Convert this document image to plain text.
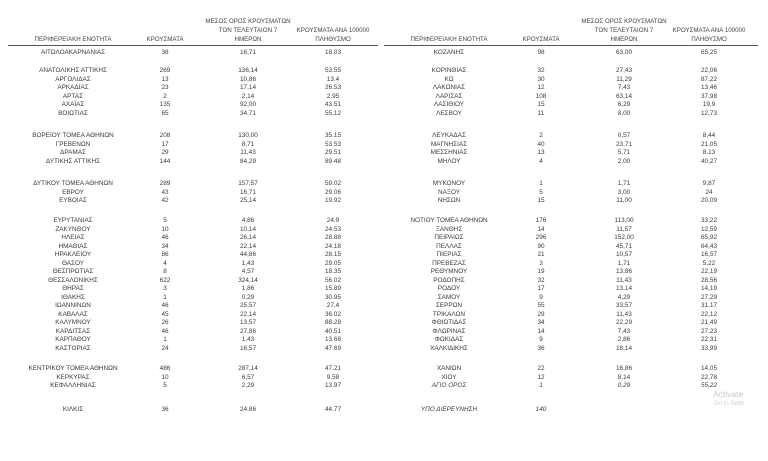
ΠΕΡΙΦΕΡΕΙΑΚΗ ΕΝΟΤΗΤΑ	ΚΡΟΥΣΜΑΤΑ
ΜΕΣΟΣ ΟΡΟΣ ΚΡΟΥΣΜΑΤΩΝ
ΤΟΝ ΤΕΛΕΥΤΑΙΟΝ 7
ΗΜΕΡΩΝ
ΚΡΟΥΣΜΑΤΑ ΑΝΑ 100000
ΠΛΗΘΥΣΜΟ
ΑΙΤΩΛΟΑΚΑΡΝΑΝΙΑΣ	38	16,71	18.03
ΑΝΑΤΟΛΙΚΗΣ ΑΤΤΙΚΗΣ	269	136,14	53.55
ΑΡΓΟΛΙΔΑΣ	13	10,86	13.4
ΑΡΚΑΔΙΑΣ	23	17,14	26.53
ΑΡΤΑΣ	2	2,14	2.95
ΑΧΑΪΑΣ	135	92,00	43.51
ΒΟΙΩΤΙΑΣ	65	34,71	55.12
ΒΟΡΕΙΟΥ ΤΟΜΕΑ ΑΘΗΝΩΝ	208	130,00	35.15
ΓΡΕΒΕΝΩΝ	17	8,71	53.53
ΔΡΑΜΑΣ	29	11,43	29.51
ΔΥΤΙΚΗΣ ΑΤΤΙΚΗΣ	144	84,29	89.48
ΔΥΤΙΚΟΥ ΤΟΜΕΑ ΑΘΗΝΩΝ	289	157,57	59.02
ΕΒΡΟΥ	43	16,71	29.06
ΕΥΒΟΙΑΣ	42	25,14	19.92
ΕΥΡΥΤΑΝΙΑΣ	5	4,86	24.9
ΖΑΚΥΝΘΟΥ	10	10,14	24.53
ΗΛΕΙΑΣ	46	26,14	28.88
ΗΜΑΘΙΑΣ	34	22,14	24.18
ΗΡΑΚΛΕΙΟΥ	86	44,86	28.15
ΘΑΣΟΥ	4	1,43	29.05
ΘΕΣΠΡΩΤΙΑΣ	8	4,57	18.35
ΘΕΣΣΑΛΟΝΙΚΗΣ	622	324,14	56.02
ΘΗΡΑΣ	3	1,86	15.89
ΙΘΑΚΗΣ	1	0,29	30.95
ΙΩΑΝΝΙΝΩΝ	46	25,57	27,4
ΚΑΒΑΛΑΣ	45	22,14	36.02
ΚΑΛΥΜΝΟΥ	26	13,57	88.28
ΚΑΡΔΙΤΣΑΣ	46	27,86	40.51
ΚΑΡΠΑΘΟΥ	1	1,43	13.68
ΚΑΣΤΟΡΙΑΣ	24	16,57	47.69
ΚΕΝΤΡΙΚΟΥ ΤΟΜΕΑ ΑΘΗΝΩΝ	486	287,14	47.21
ΚΕΡΚΥΡΑΣ	10	6,57	9.58
ΚΕΦΑΛΛΗΝΙΑΣ	5	2,29	13.97
ΚΙΛΚΙΣ	36	24.86	44.77
ΠΕΡΙΦΕΡΕΙΑΚΗ ΕΝΟΤΗΤΑ	ΚΡΟΥΣΜΑΤΑ
ΜΕΣΟΣ ΟΡΟΣ ΚΡΟΥΣΜΑΤΩΝ
ΤΟΝ ΤΕΛΕΥΤΑΙΟΝ 7
ΗΜΕΡΩΝ
ΚΡΟΥΣΜΑΤΑ ΑΝΑ 100000
ΠΛΗΘΥΣΜΟ
ΚΟΖΑΝΗΣ	98	63,00	65,25
ΚΟΡΙΝΘΙΑΣ	32	27,43	22,06
ΚΩ	30	11,29	87,22
ΛΑΚΩΝΙΑΣ	12	7,43	13,46
ΛΑΡΙΣΑΣ	108	63,14	37,98
ΛΑΣΙΘΙΟΥ	15	6,29	19,9
ΛΕΣΒΟΥ	11	8,00	12,73
ΛΕΥΚΑΔΑΣ	2	0,57	8,44
ΜΑΓΝΗΣΙΑΣ	40	23,71	21,05
ΜΕΣΣΗΝΙΑΣ	13	5,71	8,13
ΜΗΛΟΥ	4	2,00	40,27
ΜΥΚΟΝΟΥ	1	1,71	9,87
ΝΑΞΟΥ	5	3,00	24
ΝΗΣΩΝ	15	11,00	20,09
ΝΟΤΙΟΥ ΤΟΜΕΑ ΑΘΗΝΩΝ	176	113,00	33,22
ΞΑΝΘΗΣ	14	11,57	12,59
ΠΕΙΡΑΙΩΣ	296	152,00	65,92
ΠΕΛΛΑΣ	90	45,71	64,43
ΠΙΕΡΙΑΣ	21	10,57	16,57
ΠΡΕΒΕΖΑΣ	3	1,71	5,22
ΡΕΘΥΜΝΟΥ	19	13,86	22,19
ΡΟΔΟΠΗΣ	32	11,43	28,56
ΡΟΔΟΥ	17	13,14	14,19
ΣΑΜΟΥ	9	4,29	27,29
ΣΕΡΡΩΝ	55	33,57	31,17
ΤΡΙΚΑΛΩΝ	29	11,43	22,12
ΦΘΙΩΤΙΔΑΣ	34	22,29	21,49
ΦΛΩΡΙΝΑΣ	14	7,43	27,23
ΦΩΚΙΔΑΣ	9	2,86	22,31
ΧΑΛΚΙΔΙΚΗΣ	36	18,14	33,99
ΧΑΝΙΩΝ	22	16,86	14,05
ΧΙΟΥ	12	8,14	22,78
ΑΓΙΟ ΟΡΟΣ	1	0,29	55,22
ΥΠΟ ΔΙΕΡΕΥΝΗΣΗ	140
Activate
Go to Settir
